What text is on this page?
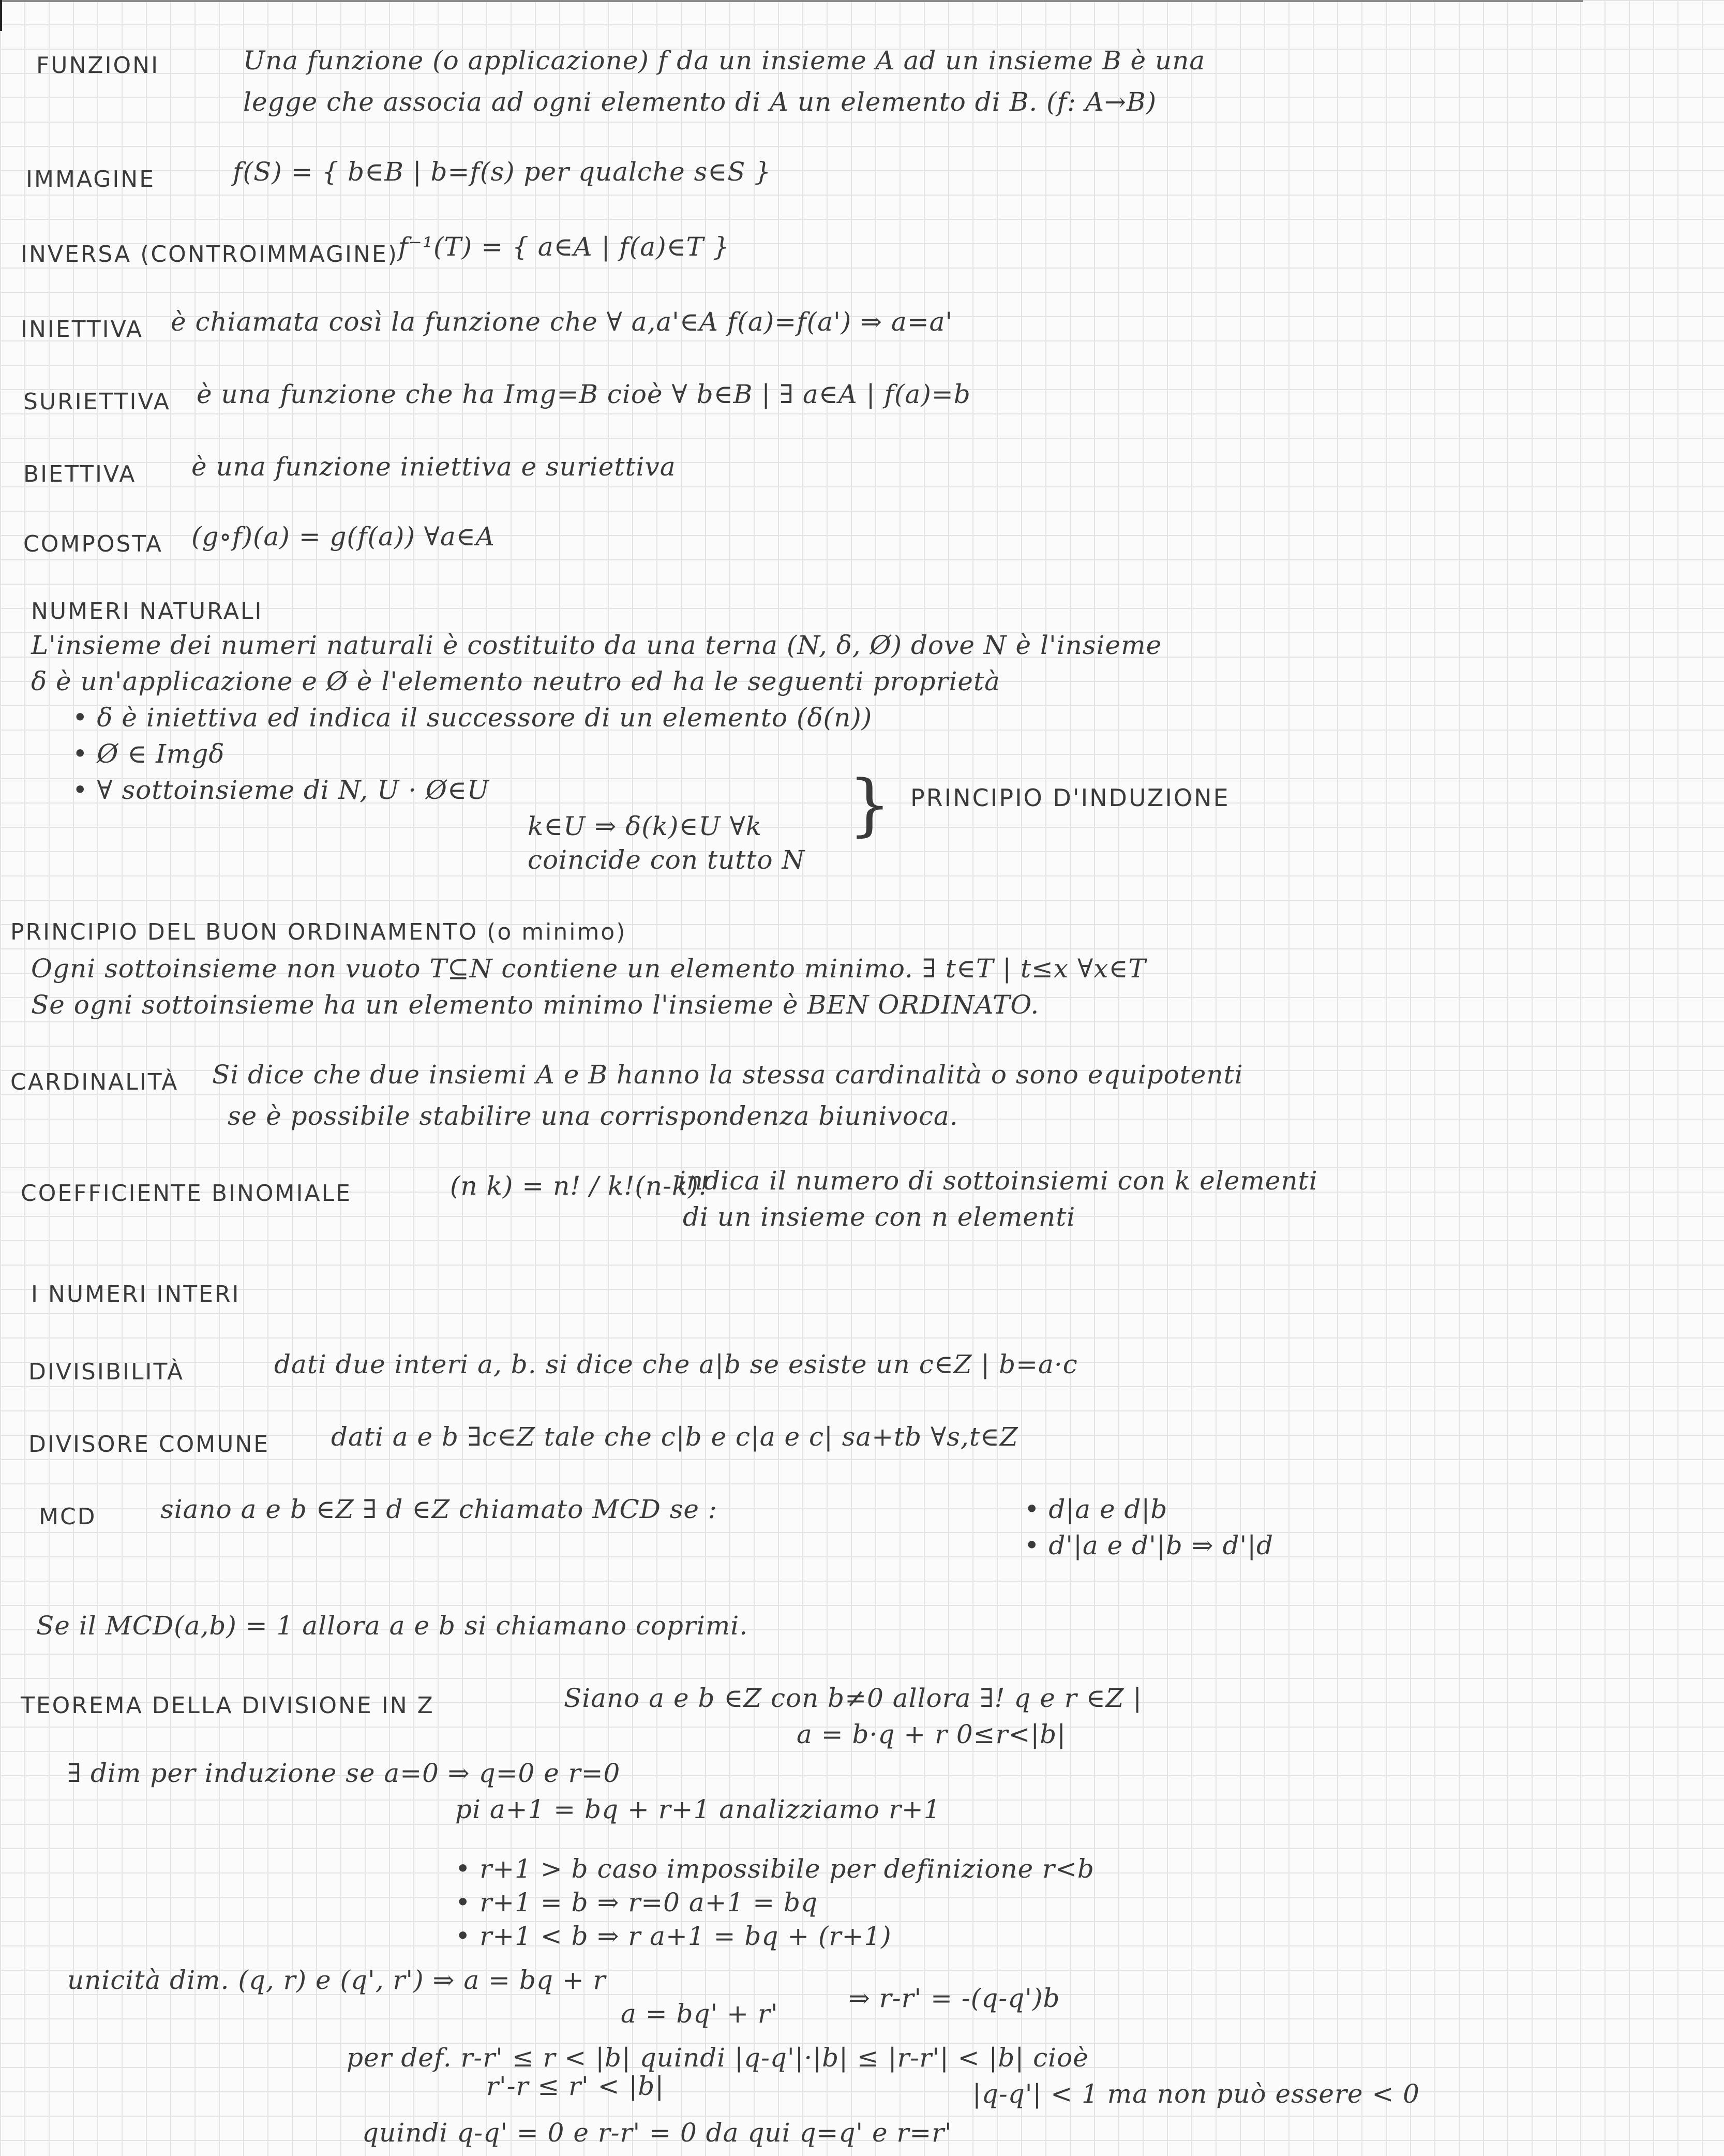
FUNZIONI	Una funzione (o applicazione) f da un insieme A ad un insieme B è una
legge che associa ad ogni elemento di A un elemento di B. (f: A→B)
IMMAGINE	f(S) = { b∈B | b=f(s) per qualche s∈S }
INVERSA (CONTROIMMAGINE) f⁻¹(T) = { a∈A | f(a)∈T }
INIETTIVA è chiamata così la funzione che ∀ a,a'∈A f(a)=f(a') ⇒ a=a'
SURIETTIVA è una funzione che ha Img=B cioè ∀ b∈B | ∃ a∈A | f(a)=b
BIETTIVA è una funzione iniettiva e suriettiva
COMPOSTA (g∘f)(a) = g(f(a)) ∀a∈A
NUMERI NATURALI
L'insieme dei numeri naturali è costituito da una terna (N, δ, Ø) dove N è l'insieme
δ è un'applicazione e Ø è l'elemento neutro ed ha le seguenti proprietà
• δ è iniettiva ed indica il successore di un elemento (δ(n))
• Ø ∈ Imgδ
• ∀ sottoinsieme di N, U · Ø∈U
k∈U ⇒ δ(k)∈U ∀k
coincide con tutto N
} PRINCIPIO D'INDUZIONE
PRINCIPIO DEL BUON ORDINAMENTO (o minimo)
Ogni sottoinsieme non vuoto T⊆N contiene un elemento minimo. ∃ t∈T | t≤x ∀x∈T
Se ogni sottoinsieme ha un elemento minimo l'insieme è BEN ORDINATO.
CARDINALITÀ Si dice che due insiemi A e B hanno la stessa cardinalità o sono equipotenti
se è possibile stabilire una corrispondenza biunivoca.
COEFFICIENTE BINOMIALE	(n k) = n! / k!(n-k)!
indica il numero di sottoinsiemi con k elementi
di un insieme con n elementi
I NUMERI INTERI
DIVISIBILITÀ	dati due interi a, b. si dice che a|b se esiste un c∈Z | b=a·c
DIVISORE COMUNE dati a e b ∃c∈Z tale che c|b e c|a e c| sa+tb ∀s,t∈Z
MCD siano a e b ∈Z ∃ d ∈Z chiamato MCD se :	• d|a e d|b
• d'|a e d'|b ⇒ d'|d
Se il MCD(a,b) = 1 allora a e b si chiamano coprimi.
TEOREMA DELLA DIVISIONE IN Z	Siano a e b ∈Z con b≠0 allora ∃! q e r ∈Z |
a = b·q + r 0≤r<|b|
∃ dim per induzione se a=0 ⇒ q=0 e r=0
pi a+1 = bq + r+1 analizziamo r+1
• r+1 > b caso impossibile per definizione r<b
• r+1 = b ⇒ r=0 a+1 = bq
• r+1 < b ⇒ r a+1 = bq + (r+1)
unicità dim. (q, r) e (q', r') ⇒ a = bq + r
⇒ r-r' = -(q-q')b
a = bq' + r'
per def. r-r' ≤ r < |b| quindi |q-q'|·|b| ≤ |r-r'| < |b| cioè
r'-r ≤ r' < |b|	|q-q'| < 1 ma non può essere < 0
quindi q-q' = 0 e r-r' = 0 da qui q=q' e r=r'
